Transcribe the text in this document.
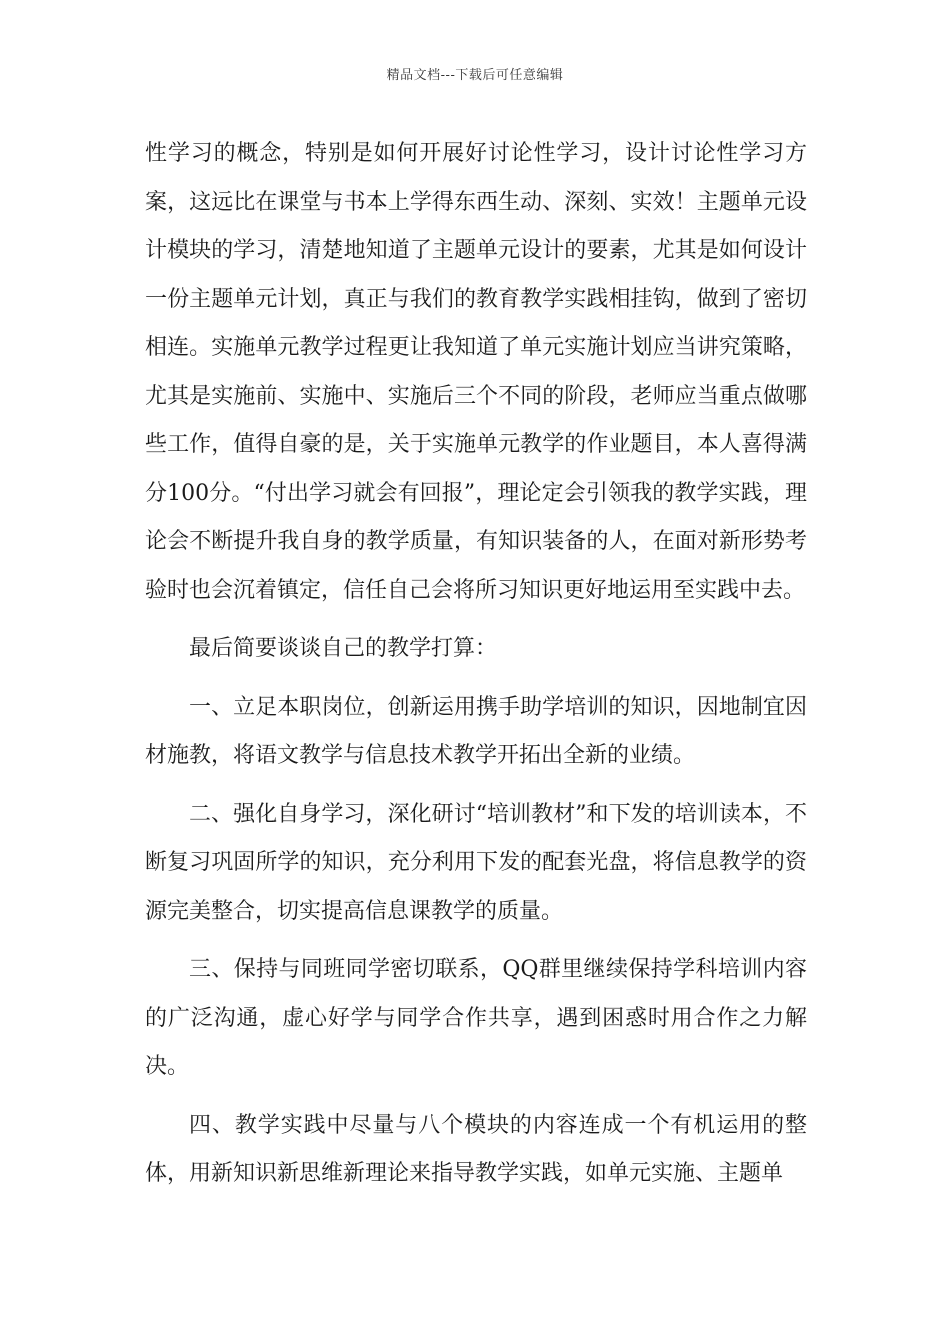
精品文档---下载后可任意编辑

性学习的概念，特别是如何开展好讨论性学习，设计讨论性学习方案，这远比在课堂与书本上学得东西生动、深刻、实效！主题单元设计模块的学习，清楚地知道了主题单元设计的要素，尤其是如何设计一份主题单元计划，真正与我们的教育教学实践相挂钩，做到了密切相连。实施单元教学过程更让我知道了单元实施计划应当讲究策略，尤其是实施前、实施中、实施后三个不同的阶段，老师应当重点做哪些工作，值得自豪的是，关于实施单元教学的作业题目，本人喜得满分100分。“付出学习就会有回报”，理论定会引领我的教学实践，理论会不断提升我自身的教学质量，有知识装备的人，在面对新形势考验时也会沉着镇定，信任自己会将所习知识更好地运用至实践中去。

最后简要谈谈自己的教学打算：

一、立足本职岗位，创新运用携手助学培训的知识，因地制宜因材施教，将语文教学与信息技术教学开拓出全新的业绩。

二、强化自身学习，深化研讨“培训教材”和下发的培训读本，不断复习巩固所学的知识，充分利用下发的配套光盘，将信息教学的资源完美整合，切实提高信息课教学的质量。

三、保持与同班同学密切联系，QQ群里继续保持学科培训内容的广泛沟通，虚心好学与同学合作共享，遇到困惑时用合作之力解决。

四、教学实践中尽量与八个模块的内容连成一个有机运用的整体，用新知识新思维新理论来指导教学实践，如单元实施、主题单
